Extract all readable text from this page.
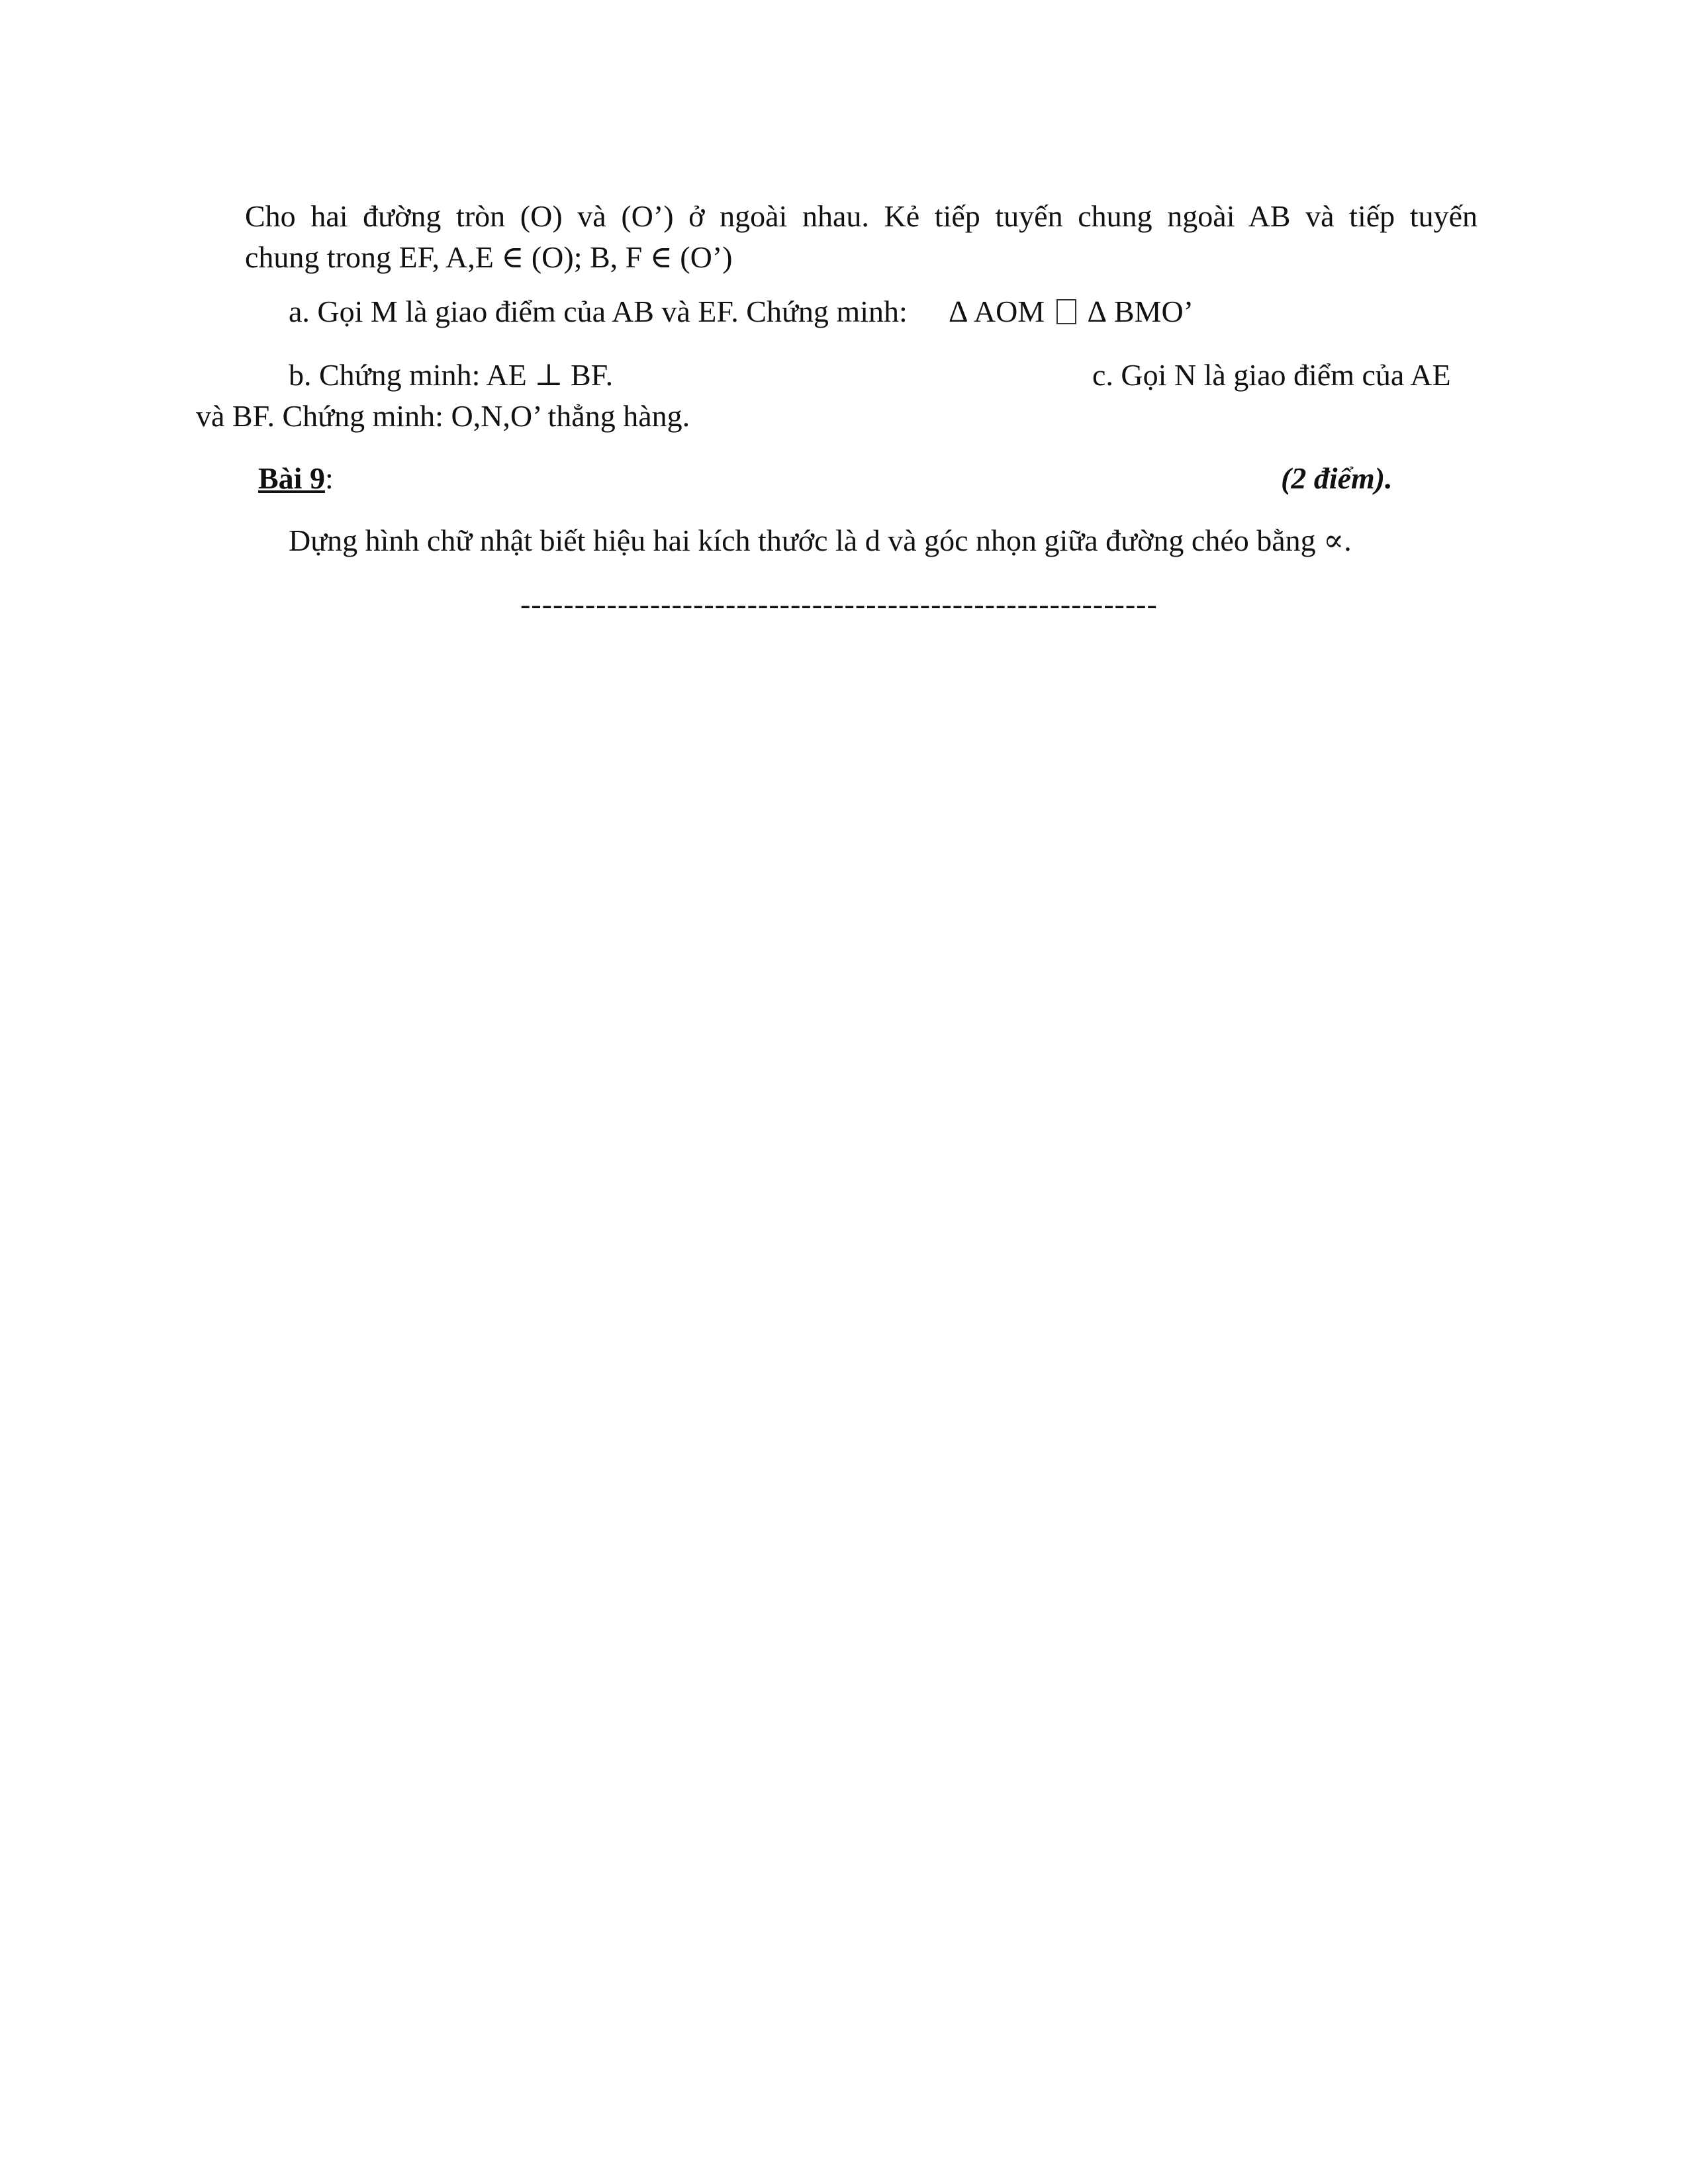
Cho hai đường tròn (O) và (O’) ở ngoài nhau. Kẻ tiếp tuyến chung ngoài AB và tiếp tuyến
chung trong EF, A,E ∈ (O); B, F ∈ (O’)
a. Gọi M là giao điểm của AB và EF. Chứng minh: ∆ AOM ∆ BMO’
b. Chứng minh: AE ⊥ BF.	c. Gọi N là giao điểm của AE
và BF. Chứng minh: O,N,O’ thẳng hàng.
Bài 9:	(2 điểm).
Dựng hình chữ nhật biết hiệu hai kích thước là d và góc nhọn giữa đường chéo bằng ∝.
-----------------------------------------------------------
